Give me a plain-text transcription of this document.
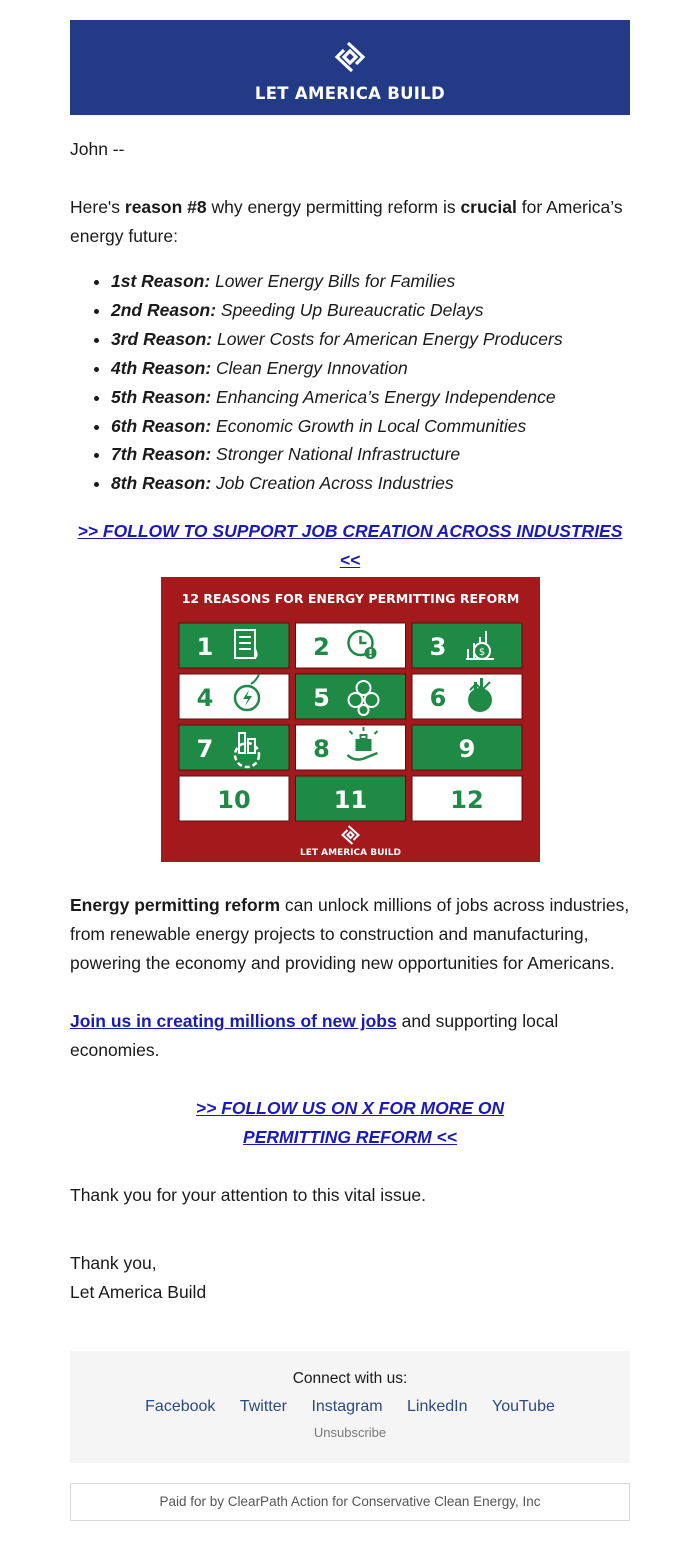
LET AMERICA BUILD

John --

Here's reason #8 why energy permitting reform is crucial for America’s energy future:

• 1st Reason: Lower Energy Bills for Families
• 2nd Reason: Speeding Up Bureaucratic Delays
• 3rd Reason: Lower Costs for American Energy Producers
• 4th Reason: Clean Energy Innovation
• 5th Reason: Enhancing America’s Energy Independence
• 6th Reason: Economic Growth in Local Communities
• 7th Reason: Stronger National Infrastructure
• 8th Reason: Job Creation Across Industries

>> FOLLOW TO SUPPORT JOB CREATION ACROSS INDUSTRIES <<

12 REASONS FOR ENERGY PERMITTING REFORM
1	2	3	$
4	5	6
7	8	9
10	11	12
LET AMERICA BUILD

Energy permitting reform can unlock millions of jobs across industries, from renewable energy projects to construction and manufacturing, powering the economy and providing new opportunities for Americans.

Join us in creating millions of new jobs and supporting local economies.

>> FOLLOW US ON X FOR MORE ON PERMITTING REFORM <<

Thank you for your attention to this vital issue.

Thank you,

Let America Build

Connect with us:
Facebook Twitter Instagram LinkedIn YouTube
Unsubscribe
Paid for by ClearPath Action for Conservative Clean Energy, Inc
